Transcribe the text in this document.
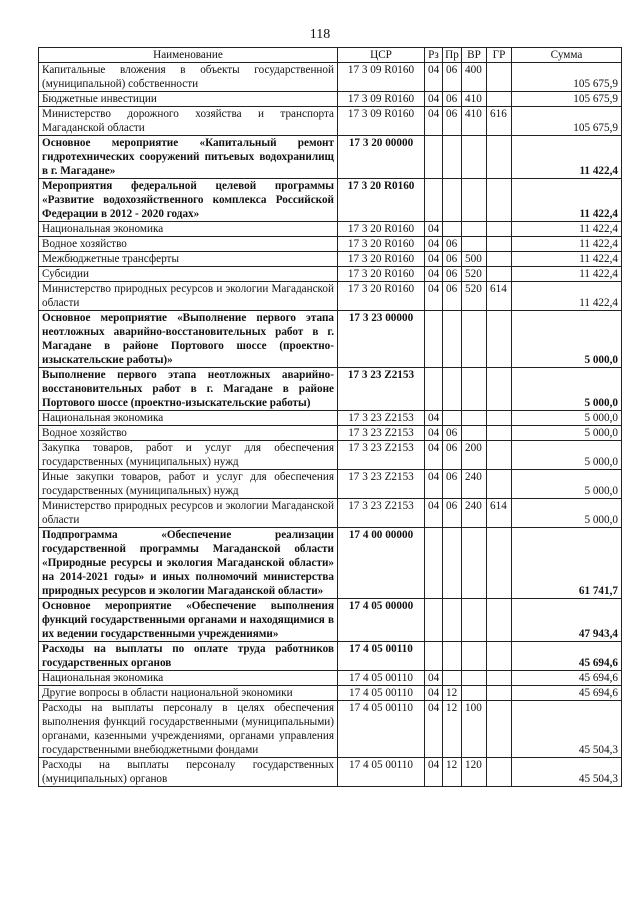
118
Наименование	ЦСР	Рз	Пр	ВР	ГР	Сумма
Капитальные вложения в объекты государственной (муниципальной) собственности	17 3 09 R0160	04	06	400		105 675,9
Бюджетные инвестиции	17 3 09 R0160	04	06	410		105 675,9
Министерство дорожного хозяйства и транспорта Магаданской области	17 3 09 R0160	04	06	410	616	105 675,9
Основное мероприятие «Капитальный ремонт гидротехнических сооружений питьевых водохранилищ в г. Магадане»	17 3 20 00000					11 422,4
Мероприятия федеральной целевой программы «Развитие водохозяйственного комплекса Российской Федерации в 2012 - 2020 годах»	17 3 20 R0160					11 422,4
Национальная экономика	17 3 20 R0160	04				11 422,4
Водное хозяйство	17 3 20 R0160	04	06			11 422,4
Межбюджетные трансферты	17 3 20 R0160	04	06	500		11 422,4
Субсидии	17 3 20 R0160	04	06	520		11 422,4
Министерство природных ресурсов и экологии Магаданской области	17 3 20 R0160	04	06	520	614	11 422,4
Основное мероприятие «Выполнение первого этапа неотложных аварийно-восстановительных работ в г. Магадане в районе Портового шоссе (проектно-изыскательские работы)»	17 3 23 00000					5 000,0
Выполнение первого этапа неотложных аварийно-восстановительных работ в г. Магадане в районе Портового шоссе (проектно-изыскательские работы)	17 3 23 Z2153					5 000,0
Национальная экономика	17 3 23 Z2153	04				5 000,0
Водное хозяйство	17 3 23 Z2153	04	06			5 000,0
Закупка товаров, работ и услуг для обеспечения государственных (муниципальных) нужд	17 3 23 Z2153	04	06	200		5 000,0
Иные закупки товаров, работ и услуг для обеспечения государственных (муниципальных) нужд	17 3 23 Z2153	04	06	240		5 000,0
Министерство природных ресурсов и экологии Магаданской области	17 3 23 Z2153	04	06	240	614	5 000,0
Подпрограмма «Обеспечение реализации государственной программы Магаданской области «Природные ресурсы и экология Магаданской области» на 2014-2021 годы» и иных полномочий министерства природных ресурсов и экологии Магаданской области»	17 4 00 00000					61 741,7
Основное мероприятие «Обеспечение выполнения функций государственными органами и находящимися в их ведении государственными учреждениями»	17 4 05 00000					47 943,4
Расходы на выплаты по оплате труда работников государственных органов	17 4 05 00110					45 694,6
Национальная экономика	17 4 05 00110	04				45 694,6
Другие вопросы в области национальной экономики	17 4 05 00110	04	12			45 694,6
Расходы на выплаты персоналу в целях обеспечения выполнения функций государственными (муниципальными) органами, казенными учреждениями, органами управления государственными внебюджетными фондами	17 4 05 00110	04	12	100		45 504,3
Расходы на выплаты персоналу государственных (муниципальных) органов	17 4 05 00110	04	12	120		45 504,3
